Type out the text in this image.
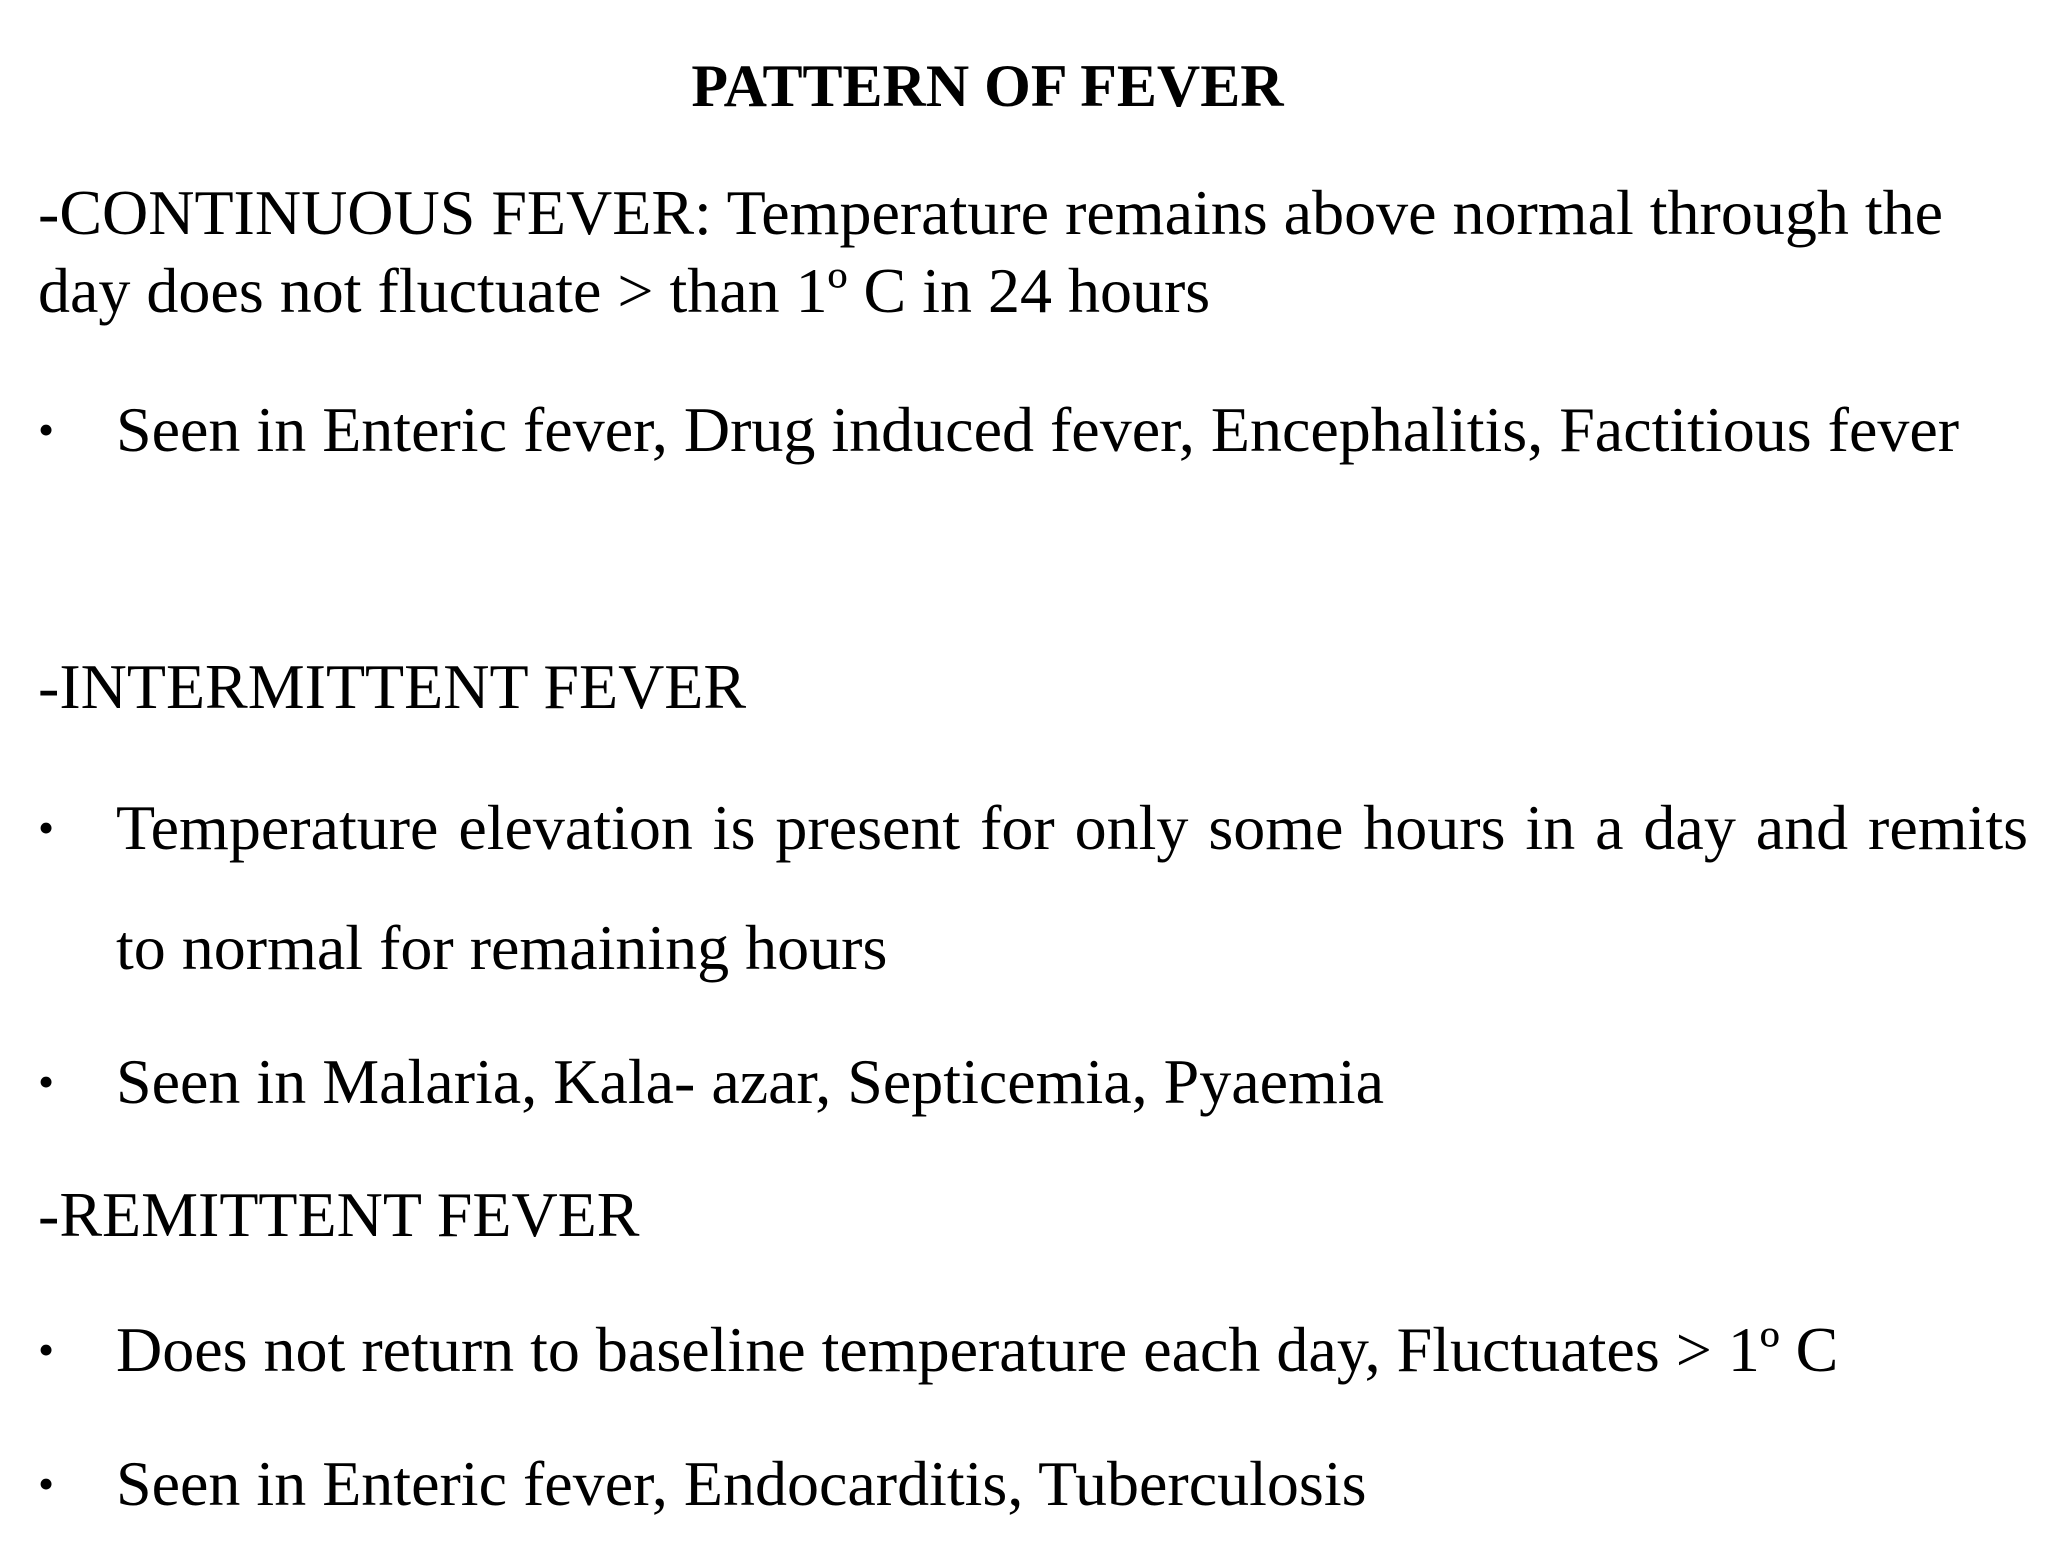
PATTERN OF FEVER
-CONTINUOUS FEVER: Temperature remains above normal through the day does not fluctuate > than 1º C in 24 hours
• Seen in Enteric fever, Drug induced fever, Encephalitis, Factitious fever
-INTERMITTENT FEVER
• Temperature elevation is present for only some hours in a day and remits to normal for remaining hours
• Seen in Malaria, Kala- azar, Septicemia, Pyaemia
-REMITTENT FEVER
• Does not return to baseline temperature each day, Fluctuates > 1º C
• Seen in Enteric fever, Endocarditis, Tuberculosis
